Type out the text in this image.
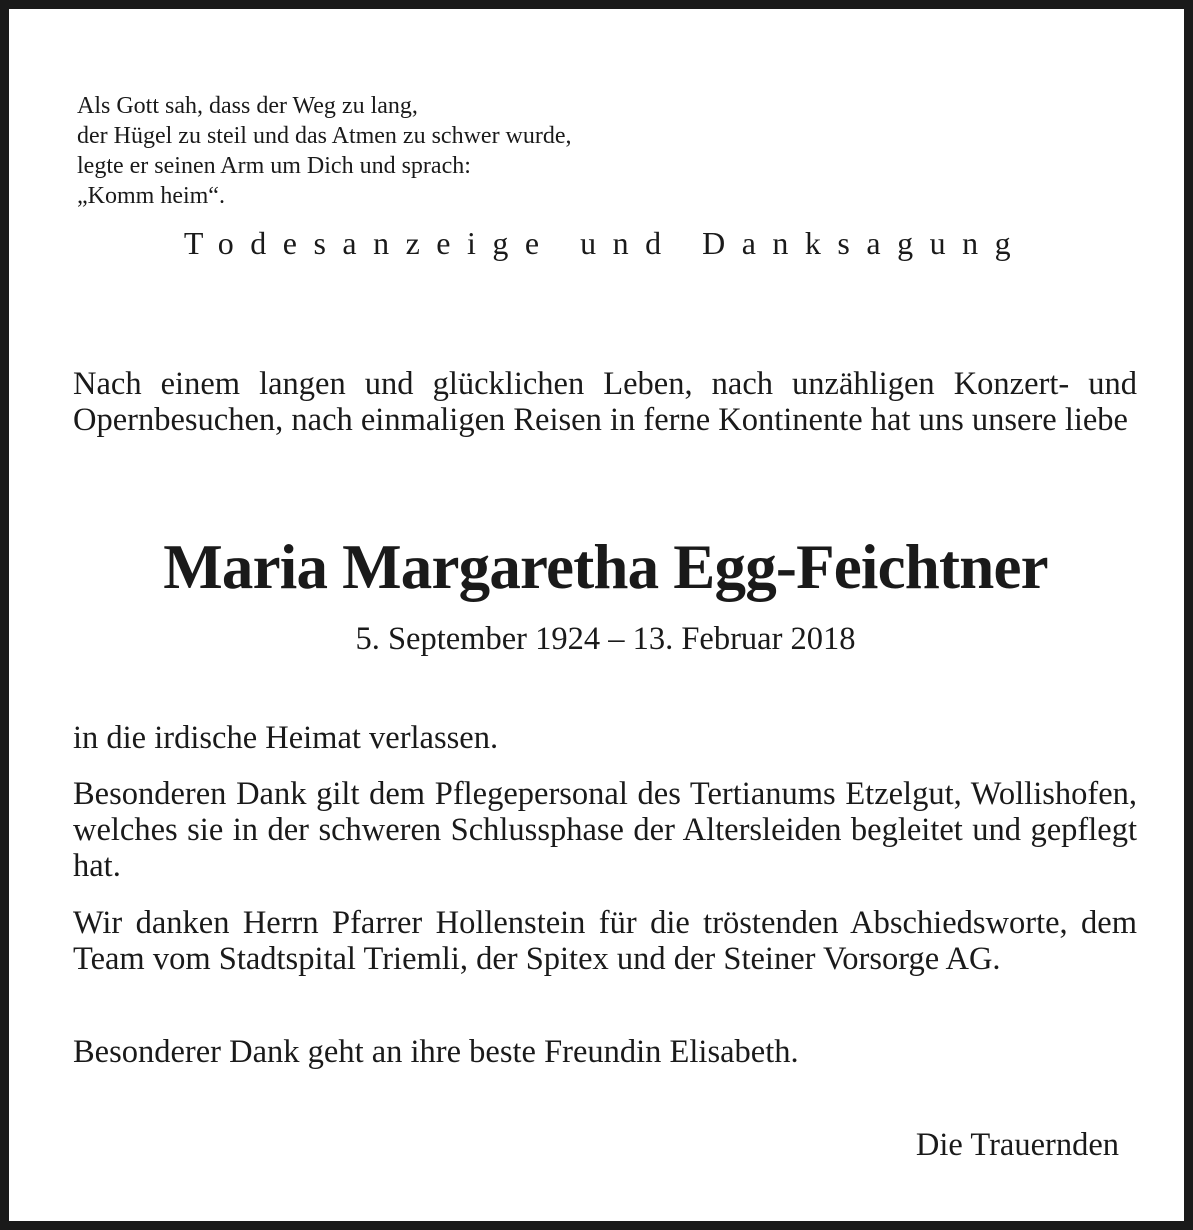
Als Gott sah, dass der Weg zu lang,
der Hügel zu steil und das Atmen zu schwer wurde,
legte er seinen Arm um Dich und sprach:
„Komm heim“.
Todesanzeige und Danksagung
Nach einem langen und glücklichen Leben, nach unzähligen Konzert- und Opernbesuchen, nach einmaligen Reisen in ferne Kontinente hat uns unsere liebe
Maria Margaretha Egg-Feichtner
5. September 1924 – 13. Februar 2018
in die irdische Heimat verlassen.
Besonderen Dank gilt dem Pflegepersonal des Tertianums Etzelgut, Wollishofen, welches sie in der schweren Schlussphase der Altersleiden begleitet und gepflegt hat.
Wir danken Herrn Pfarrer Hollenstein für die tröstenden Abschiedsworte, dem Team vom Stadtspital Triemli, der Spitex und der Steiner Vorsorge AG.
Besonderer Dank geht an ihre beste Freundin Elisabeth.
Die Trauernden
